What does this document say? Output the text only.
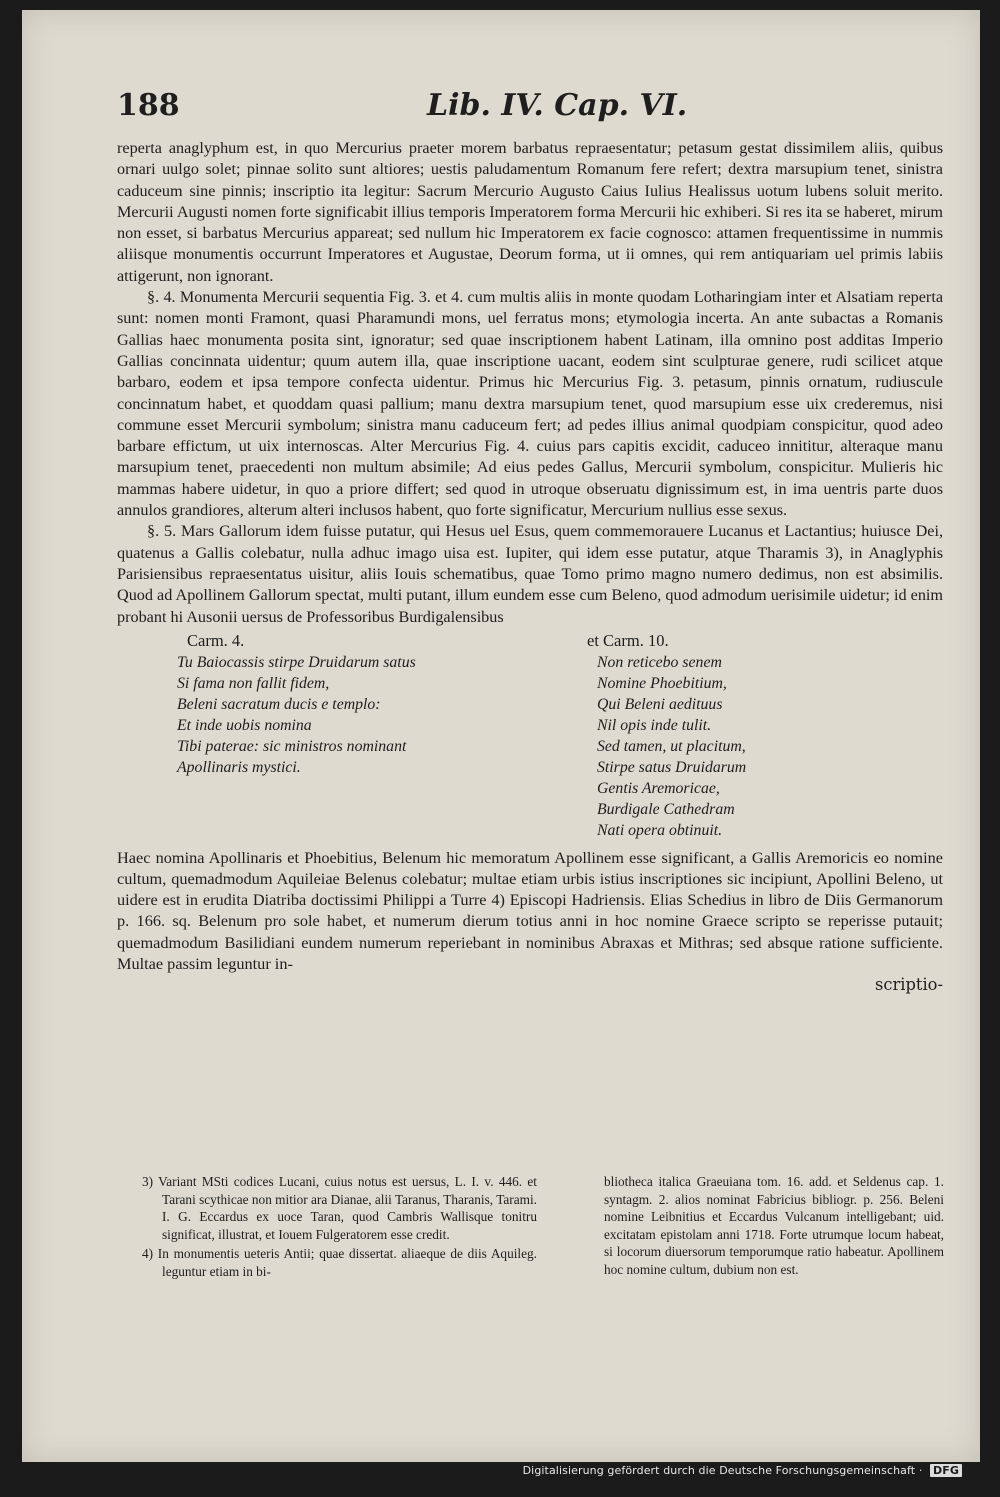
188	Lib. IV. Cap. VI.

reperta anaglyphum est, in quo Mercurius praeter morem barbatus repraesentatur; petasum gestat dissimilem aliis, quibus ornari uulgo solet; pinnae solito sunt altiores; uestis paludamentum Romanum fere refert; dextra marsupium tenet, sinistra caduceum sine pinnis; inscriptio ita legitur: Sacrum Mercurio Augusto Caius Iulius Healissus uotum lubens soluit merito. Mercurii Augusti nomen forte significabit illius temporis Imperatorem forma Mercurii hic exhiberi. Si res ita se haberet, mirum non esset, si barbatus Mercurius appareat; sed nullum hic Imperatorem ex facie cognosco: attamen frequentissime in nummis aliisque monumentis occurrunt Imperatores et Augustae, Deorum forma, ut ii omnes, qui rem antiquariam uel primis labiis attigerunt, non ignorant.

§. 4. Monumenta Mercurii sequentia Fig. 3. et 4. cum multis aliis in monte quodam Lotharingiam inter et Alsatiam reperta sunt: nomen monti Framont, quasi Pharamundi mons, uel ferratus mons; etymologia incerta. An ante subactas a Romanis Gallias haec monumenta posita sint, ignoratur; sed quae inscriptionem habent Latinam, illa omnino post additas Imperio Gallias concinnata uidentur; quum autem illa, quae inscriptione uacant, eodem sint sculpturae genere, rudi scilicet atque barbaro, eodem et ipsa tempore confecta uidentur. Primus hic Mercurius Fig. 3. petasum, pinnis ornatum, rudiuscule concinnatum habet, et quoddam quasi pallium; manu dextra marsupium tenet, quod marsupium esse uix crederemus, nisi commune esset Mercurii symbolum; sinistra manu caduceum fert; ad pedes illius animal quodpiam conspicitur, quod adeo barbare effictum, ut uix internoscas. Alter Mercurius Fig. 4. cuius pars capitis excidit, caduceo innititur, alteraque manu marsupium tenet, praecedenti non multum absimile; Ad eius pedes Gallus, Mercurii symbolum, conspicitur. Mulieris hic mammas habere uidetur, in quo a priore differt; sed quod in utroque obseruatu dignissimum est, in ima uentris parte duos annulos grandiores, alterum alteri inclusos habent, quo forte significatur, Mercurium nullius esse sexus.

§. 5. Mars Gallorum idem fuisse putatur, qui Hesus uel Esus, quem commemorauere Lucanus et Lactantius; huiusce Dei, quatenus a Gallis colebatur, nulla adhuc imago uisa est. Iupiter, qui idem esse putatur, atque Tharamis 3), in Anaglyphis Parisiensibus repraesentatus uisitur, aliis Iouis schematibus, quae Tomo primo magno numero dedimus, non est absimilis. Quod ad Apollinem Gallorum spectat, multi putant, illum eundem esse cum Beleno, quod admodum uerisimile uidetur; id enim probant hi Ausonii uersus de Professoribus Burdigalensibus

Carm. 4.
Tu Baiocassis stirpe Druidarum satus
Si fama non fallit fidem,
Beleni sacratum ducis e templo:
Et inde uobis nomina
Tibi paterae: sic ministros nominant
Apollinaris mystici.
et Carm. 10.
Non reticebo senem
Nomine Phoebitium,
Qui Beleni aedituus
Nil opis inde tulit.
Sed tamen, ut placitum,
Stirpe satus Druidarum
Gentis Aremoricae,
Burdigale Cathedram
Nati opera obtinuit.

Haec nomina Apollinaris et Phoebitius, Belenum hic memoratum Apollinem esse significant, a Gallis Aremoricis eo nomine cultum, quemadmodum Aquileiae Belenus colebatur; multae etiam urbis istius inscriptiones sic incipiunt, Apollini Beleno, ut uidere est in erudita Diatriba doctissimi Philippi a Turre 4) Episcopi Hadriensis. Elias Schedius in libro de Diis Germanorum p. 166. sq. Belenum pro sole habet, et numerum dierum totius anni in hoc nomine Graece scripto se reperisse putauit; quemadmodum Basilidiani eundem numerum reperiebant in nominibus Abraxas et Mithras; sed absque ratione sufficiente. Multae passim leguntur in-

scriptio-

3) Variant MSti codices Lucani, cuius notus est uersus, L. I. v. 446. et Tarani scythicae non mitior ara Dianae, alii Taranus, Tharanis, Tarami. I. G. Eccardus ex uoce Taran, quod Cambris Wallisque tonitru significat, illustrat, et Iouem Fulgeratorem esse credit.

4) In monumentis ueteris Antii; quae dissertat. aliaeque de diis Aquileg. leguntur etiam in bi-

bliotheca italica Graeuiana tom. 16. add. et Seldenus cap. 1. syntagm. 2. alios nominat Fabricius bibliogr. p. 256. Beleni nomine Leibnitius et Eccardus Vulcanum intelligebant; uid. excitatam epistolam anni 1718. Forte utrumque locum habeat, si locorum diuersorum temporumque ratio habeatur. Apollinem hoc nomine cultum, dubium non est.

Digitalisierung gefördert durch die Deutsche Forschungsgemeinschaft · DFG
